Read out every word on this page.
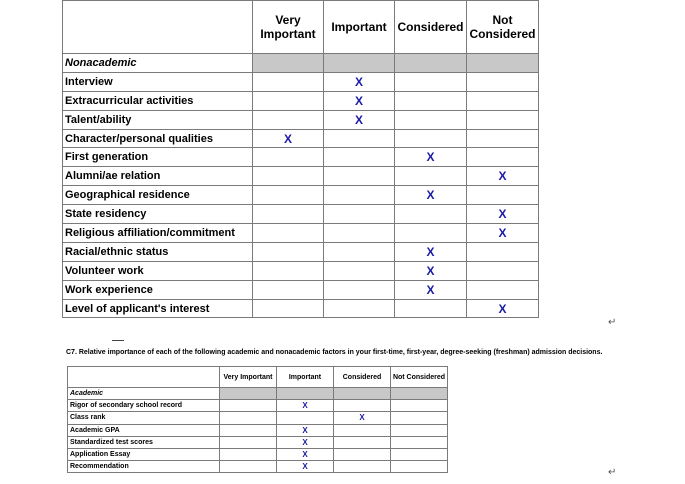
	Very Important	Important	Considered	Not Considered
Nonacademic				
Interview		X		
Extracurricular activities		X		
Talent/ability		X		
Character/personal qualities	X			
First generation			X	
Alumni/ae relation				X
Geographical residence			X	
State residency				X
Religious affiliation/commitment				X
Racial/ethnic status			X	
Volunteer work			X	
Work experience			X	
Level of applicant's interest				X
↵
C7. Relative importance of each of the following academic and nonacademic factors in your first-time, first-year, degree-seeking (freshman) admission decisions.
	Very Important	Important	Considered	Not Considered
Academic				
Rigor of secondary school record		X		
Class rank			X	
Academic GPA		X		
Standardized test scores		X		
Application Essay		X		
Recommendation		X		
↵
